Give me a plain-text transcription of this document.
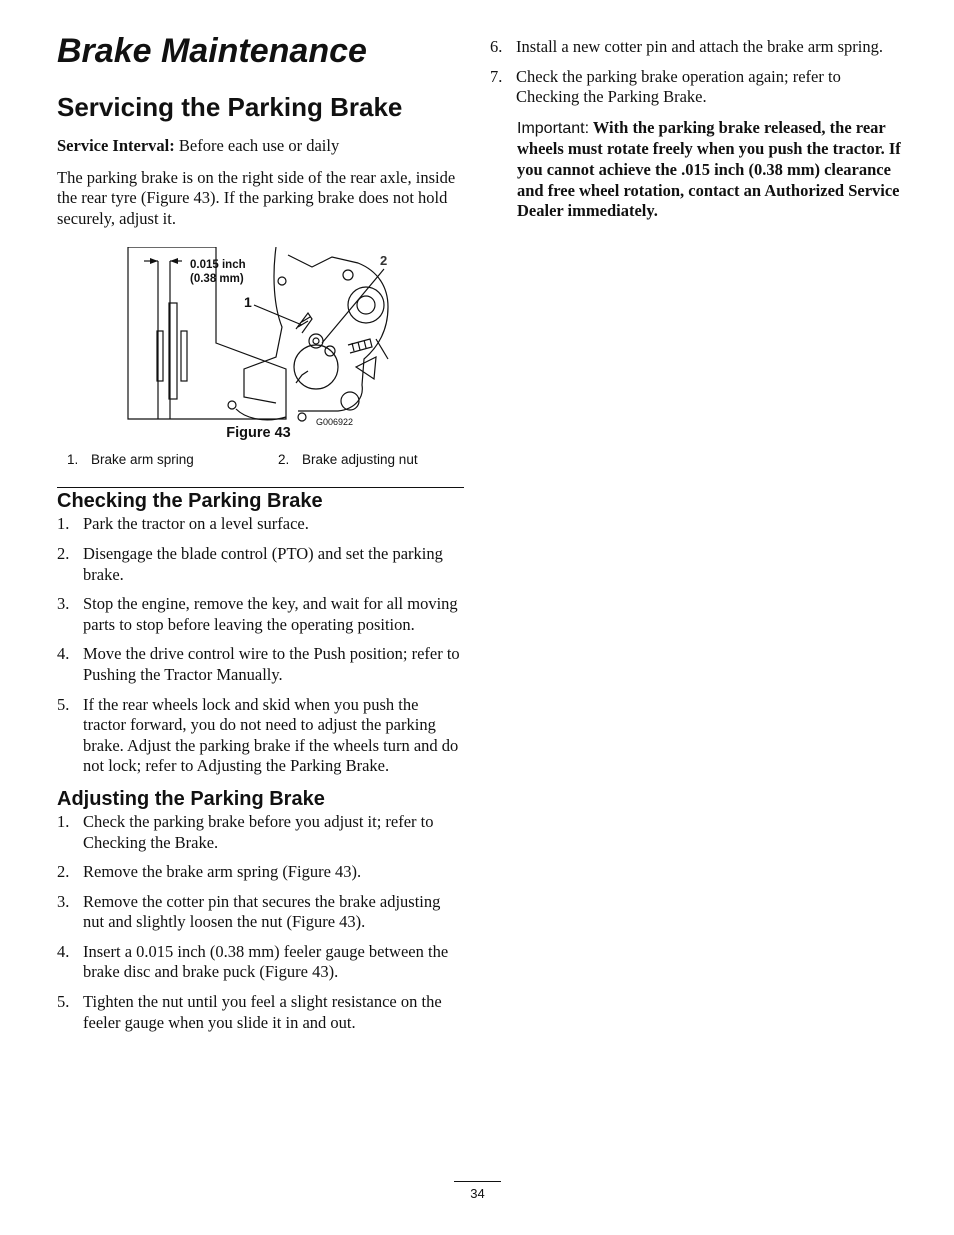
Brake Maintenance
Servicing the Parking Brake

Service Interval: Before each use or daily

The parking brake is on the right side of the rear axle, inside the rear tyre (Figure 43). If the parking brake does not hold securely, adjust it.

0.015 inch
(0.38 mm)
1
2
G006922
Figure 43
1. Brake arm spring	2. Brake adjusting nut
Checking the Parking Brake
1. Park the tractor on a level surface.
2. Disengage the blade control (PTO) and set the parking brake.
3. Stop the engine, remove the key, and wait for all moving parts to stop before leaving the operating position.
4. Move the drive control wire to the Push position; refer to Pushing the Tractor Manually.
5. If the rear wheels lock and skid when you push the tractor forward, you do not need to adjust the parking brake. Adjust the parking brake if the wheels turn and do not lock; refer to Adjusting the Parking Brake.
Adjusting the Parking Brake
1. Check the parking brake before you adjust it; refer to Checking the Brake.
2. Remove the brake arm spring (Figure 43).
3. Remove the cotter pin that secures the brake adjusting nut and slightly loosen the nut (Figure 43).
4. Insert a 0.015 inch (0.38 mm) feeler gauge between the brake disc and brake puck (Figure 43).
5. Tighten the nut until you feel a slight resistance on the feeler gauge when you slide it in and out.
6. Install a new cotter pin and attach the brake arm spring.
7. Check the parking brake operation again; refer to Checking the Parking Brake.

Important: With the parking brake released, the rear wheels must rotate freely when you push the tractor. If you cannot achieve the .015 inch (0.38 mm) clearance and free wheel rotation, contact an Authorized Service Dealer immediately.

34
